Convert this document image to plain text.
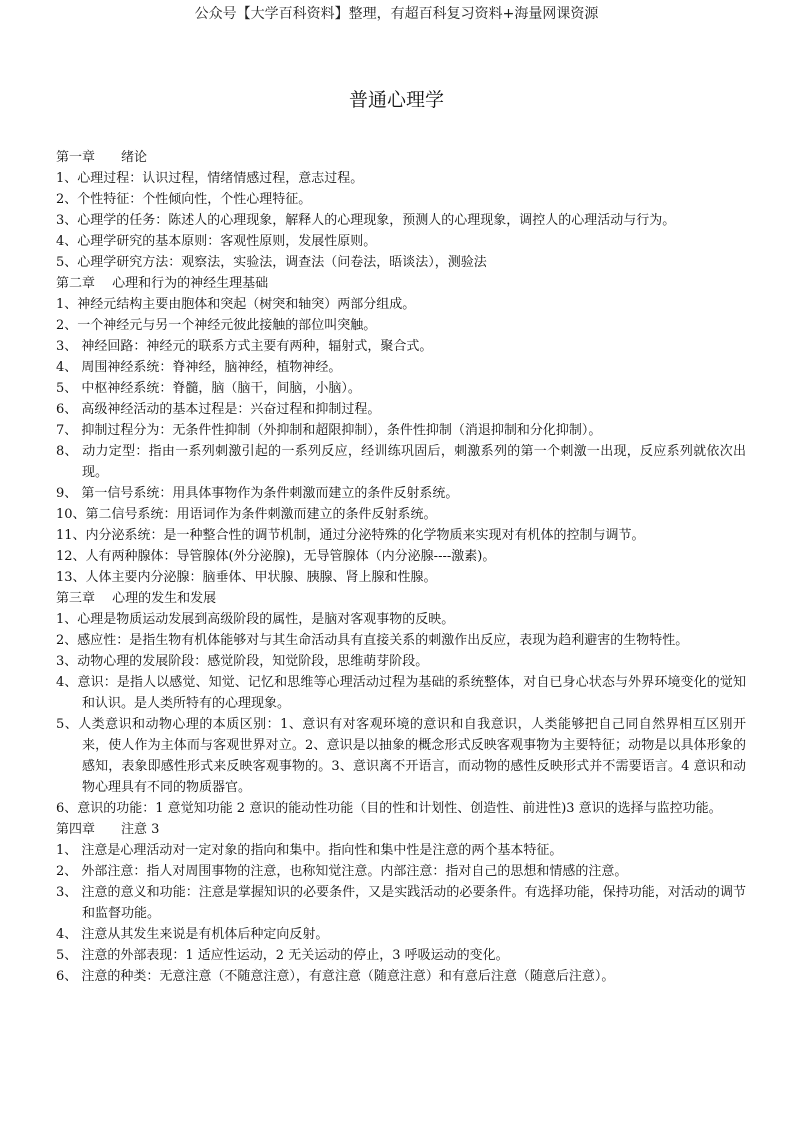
公众号【大学百科资料】整理，有超百科复习资料+海量网课资源
普通心理学
第一章　　绪论
1、心理过程：认识过程，情绪情感过程，意志过程。
2、个性特征：个性倾向性，个性心理特征。
3、心理学的任务：陈述人的心理现象，解释人的心理现象，预测人的心理现象，调控人的心理活动与行为。
4、心理学研究的基本原则：客观性原则，发展性原则。
5、心理学研究方法：观察法，实验法，调查法（问卷法，晤谈法），测验法
第二章　 心理和行为的神经生理基础
1、神经元结构主要由胞体和突起（树突和轴突）两部分组成。
2、一个神经元与另一个神经元彼此接触的部位叫突触。
3、 神经回路：神经元的联系方式主要有两种，辐射式，聚合式。
4、 周围神经系统：脊神经，脑神经，植物神经。
5、 中枢神经系统：脊髓，脑（脑干，间脑，小脑）。
6、 高级神经活动的基本过程是：兴奋过程和抑制过程。
7、 抑制过程分为：无条件性抑制（外抑制和超限抑制），条件性抑制（消退抑制和分化抑制）。
8、 动力定型：指由一系列刺激引起的一系列反应，经训练巩固后，刺激系列的第一个刺激一出现，反应系列就依次出现。
9、 第一信号系统：用具体事物作为条件刺激而建立的条件反射系统。
10、第二信号系统：用语词作为条件刺激而建立的条件反射系统。
11、内分泌系统：是一种整合性的调节机制，通过分泌特殊的化学物质来实现对有机体的控制与调节。
12、人有两种腺体：导管腺体(外分泌腺)，无导管腺体（内分泌腺----激素)。
13、人体主要内分泌腺：脑垂体、甲状腺、胰腺、肾上腺和性腺。
第三章　 心理的发生和发展
1、心理是物质运动发展到高级阶段的属性，是脑对客观事物的反映。
2、感应性：是指生物有机体能够对与其生命活动具有直接关系的刺激作出反应，表现为趋利避害的生物特性。
3、动物心理的发展阶段：感觉阶段，知觉阶段，思维萌芽阶段。
4、意识：是指人以感觉、知觉、记忆和思维等心理活动过程为基础的系统整体，对自已身心状态与外界环境变化的觉知和认识。是人类所特有的心理现象。
5、人类意识和动物心理的本质区别：1、意识有对客观环境的意识和自我意识，人类能够把自己同自然界相互区别开来，使人作为主体而与客观世界对立。2、意识是以抽象的概念形式反映客观事物为主要特征；动物是以具体形象的感知，表象即感性形式来反映客观事物的。3、意识离不开语言，而动物的感性反映形式并不需要语言。4 意识和动物心理具有不同的物质器官。
6、意识的功能：1 意觉知功能 2 意识的能动性功能（目的性和计划性、创造性、前进性)3 意识的选择与监控功能。
第四章　　注意 3
1、 注意是心理活动对一定对象的指向和集中。指向性和集中性是注意的两个基本特征。
2、 外部注意：指人对周围事物的注意，也称知觉注意。内部注意：指对自己的思想和情感的注意。
3、 注意的意义和功能：注意是掌握知识的必要条件，又是实践活动的必要条件。有选择功能，保持功能，对活动的调节和监督功能。
4、 注意从其发生来说是有机体后种定向反射。
5、 注意的外部表现：1 适应性运动，2 无关运动的停止，3 呼吸运动的变化。
6、 注意的种类：无意注意（不随意注意），有意注意（随意注意）和有意后注意（随意后注意）。
